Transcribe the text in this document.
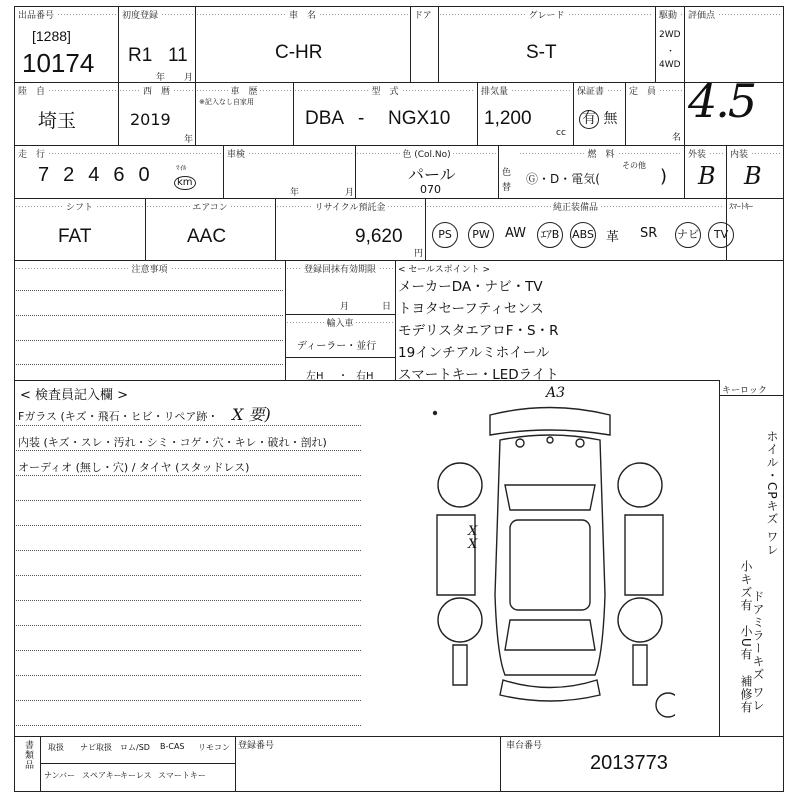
出品番号
[1288]
10174
初度登録
R1 11
年 月
車　名
C-HR
ドア	グレード
S-T
駆動
2WD
・
4WD
評価点
4.5
陸　自
埼玉
西　暦
2019
年
車　歴
※記入なし自家用
型　式
DBA - NGX10
排気量
1,200
cc
保証書
有 無
定　員
名
走　行
72460 ﾏｲﾙ
km
車検
年	月
色 (Col.No)
パール
070
色
替
燃　料
その他
Ⓖ・D・電気(	)
外装
B
内装
B
シフト
FAT
エアコン
AAC
リサイクル預託金
9,620
円
純正装備品	ｽﾏｰﾄｷｰ
PS	PW	AW	ｴｱB	ABS 革 SR ナビ	TV
注意事項	登録回抹有効期限
月	日
輸入車
ディーラー・並行
左H ・ 右H
< セールスポイント >
メーカーDA・ナビ・TV
トヨタセーフティセンス
モデリスタエアロF・S・R
19インチアルミホイール
スマートキー・LEDライト
< 検査員記入欄 >
Fガラス (キズ・飛石・ヒビ・リペア跡・ X 要)
内装 (キズ・スレ・汚れ・シミ・コゲ・穴・キレ・破れ・剖れ)
オーディオ (無し・穴) / タイヤ (スタッドレス)
A3
X X
キーロック
ホイル・CPキズ ワレ
小キズ有
ドアミラーキズ ワレ
小U有
補修有
書類品 取扱 ナビ取扱 ロム/SD B-CAS リモコン
ナンバー スペアキー
キーレス スマートキー
登録番号	車台番号
2013773
